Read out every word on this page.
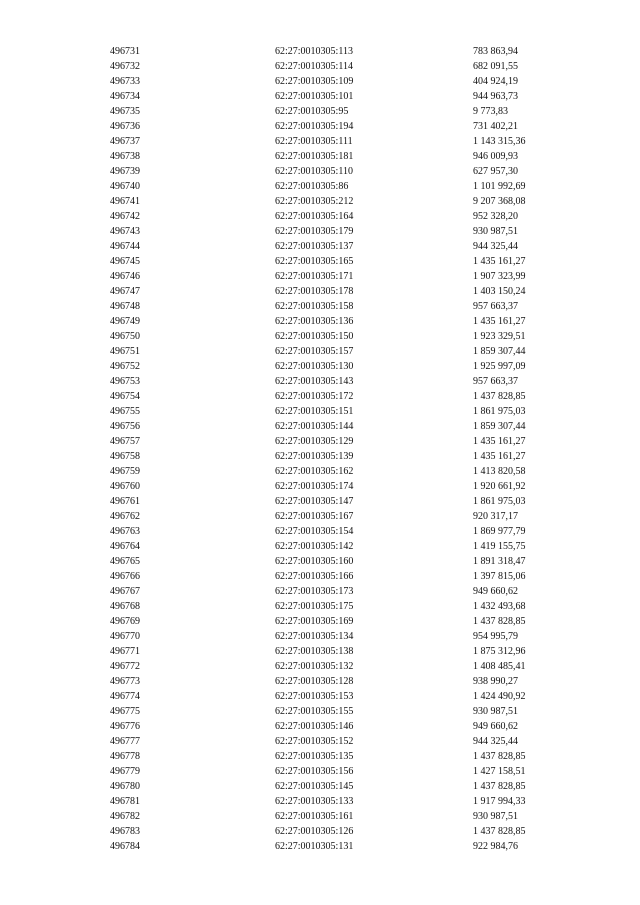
496731	62:27:0010305:113	783 863,94
496732	62:27:0010305:114	682 091,55
496733	62:27:0010305:109	404 924,19
496734	62:27:0010305:101	944 963,73
496735	62:27:0010305:95	9 773,83
496736	62:27:0010305:194	731 402,21
496737	62:27:0010305:111	1 143 315,36
496738	62:27:0010305:181	946 009,93
496739	62:27:0010305:110	627 957,30
496740	62:27:0010305:86	1 101 992,69
496741	62:27:0010305:212	9 207 368,08
496742	62:27:0010305:164	952 328,20
496743	62:27:0010305:179	930 987,51
496744	62:27:0010305:137	944 325,44
496745	62:27:0010305:165	1 435 161,27
496746	62:27:0010305:171	1 907 323,99
496747	62:27:0010305:178	1 403 150,24
496748	62:27:0010305:158	957 663,37
496749	62:27:0010305:136	1 435 161,27
496750	62:27:0010305:150	1 923 329,51
496751	62:27:0010305:157	1 859 307,44
496752	62:27:0010305:130	1 925 997,09
496753	62:27:0010305:143	957 663,37
496754	62:27:0010305:172	1 437 828,85
496755	62:27:0010305:151	1 861 975,03
496756	62:27:0010305:144	1 859 307,44
496757	62:27:0010305:129	1 435 161,27
496758	62:27:0010305:139	1 435 161,27
496759	62:27:0010305:162	1 413 820,58
496760	62:27:0010305:174	1 920 661,92
496761	62:27:0010305:147	1 861 975,03
496762	62:27:0010305:167	920 317,17
496763	62:27:0010305:154	1 869 977,79
496764	62:27:0010305:142	1 419 155,75
496765	62:27:0010305:160	1 891 318,47
496766	62:27:0010305:166	1 397 815,06
496767	62:27:0010305:173	949 660,62
496768	62:27:0010305:175	1 432 493,68
496769	62:27:0010305:169	1 437 828,85
496770	62:27:0010305:134	954 995,79
496771	62:27:0010305:138	1 875 312,96
496772	62:27:0010305:132	1 408 485,41
496773	62:27:0010305:128	938 990,27
496774	62:27:0010305:153	1 424 490,92
496775	62:27:0010305:155	930 987,51
496776	62:27:0010305:146	949 660,62
496777	62:27:0010305:152	944 325,44
496778	62:27:0010305:135	1 437 828,85
496779	62:27:0010305:156	1 427 158,51
496780	62:27:0010305:145	1 437 828,85
496781	62:27:0010305:133	1 917 994,33
496782	62:27:0010305:161	930 987,51
496783	62:27:0010305:126	1 437 828,85
496784	62:27:0010305:131	922 984,76
